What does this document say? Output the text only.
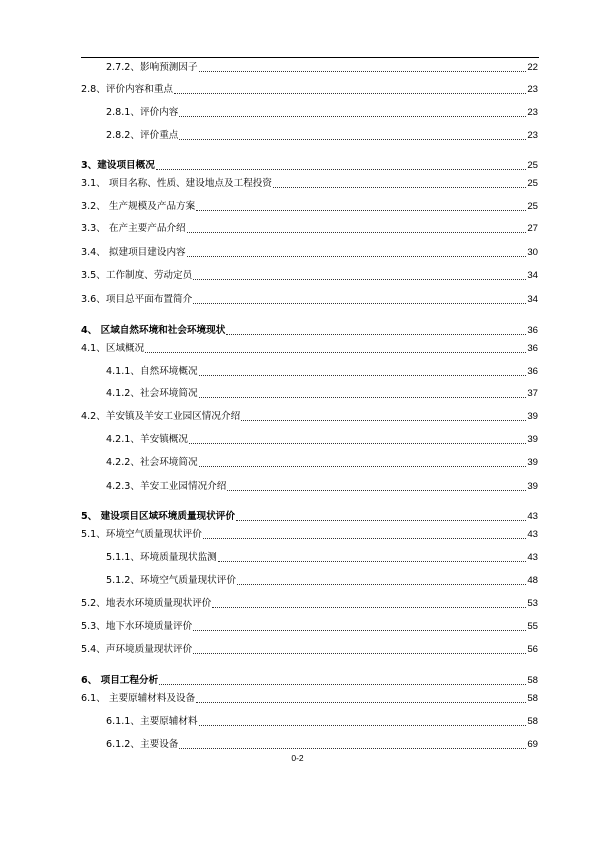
2.7.2、影响预测因子	22
2.8、评价内容和重点	23
2.8.1、评价内容	23
2.8.2、评价重点	23
3、建设项目概况	25
3.1、 项目名称、性质、建设地点及工程投资	25
3.2、 生产规模及产品方案	25
3.3、 在产主要产品介绍	27
3.4、 拟建项目建设内容	30
3.5、工作制度、劳动定员	34
3.6、项目总平面布置简介	34
4、 区域自然环境和社会环境现状	36
4.1、区域概况	36
4.1.1、自然环境概况	36
4.1.2、社会环境简况	37
4.2、羊安镇及羊安工业园区情况介绍	39
4.2.1、羊安镇概况	39
4.2.2、社会环境简况	39
4.2.3、羊安工业园情况介绍	39
5、 建设项目区域环境质量现状评价	43
5.1、环境空气质量现状评价	43
5.1.1、环境质量现状监测	43
5.1.2、环境空气质量现状评价	48
5.2、地表水环境质量现状评价	53
5.3、地下水环境质量评价	55
5.4、声环境质量现状评价	56
6、 项目工程分析	58
6.1、 主要原辅材料及设备	58
6.1.1、主要原辅材料	58
6.1.2、主要设备	69
0-2
